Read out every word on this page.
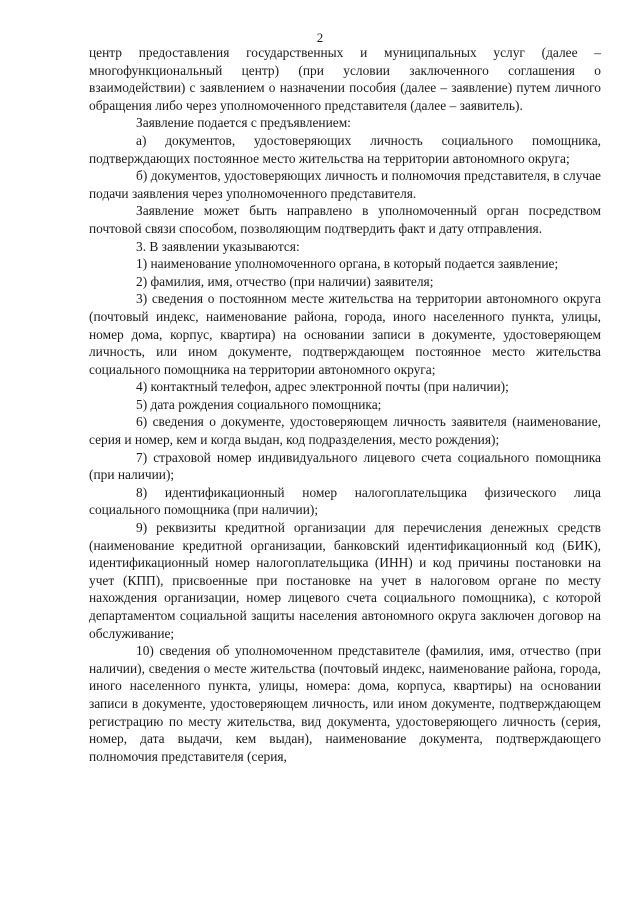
2

центр предоставления государственных и муниципальных услуг (далее – многофункциональный центр) (при условии заключенного соглашения о взаимодействии) с заявлением о назначении пособия (далее – заявление) путем личного обращения либо через уполномоченного представителя (далее – заявитель).

Заявление подается с предъявлением:

а) документов, удостоверяющих личность социального помощника, подтверждающих постоянное место жительства на территории автономного округа;

б) документов, удостоверяющих личность и полномочия представителя, в случае подачи заявления через уполномоченного представителя.

Заявление может быть направлено в уполномоченный орган посредством почтовой связи способом, позволяющим подтвердить факт и дату отправления.

3. В заявлении указываются:

1) наименование уполномоченного органа, в который подается заявление;

2) фамилия, имя, отчество (при наличии) заявителя;

3) сведения о постоянном месте жительства на территории автономного округа (почтовый индекс, наименование района, города, иного населенного пункта, улицы, номер дома, корпус, квартира) на основании записи в документе, удостоверяющем личность, или ином документе, подтверждающем постоянное место жительства социального помощника на территории автономного округа;

4) контактный телефон, адрес электронной почты (при наличии);

5) дата рождения социального помощника;

6) сведения о документе, удостоверяющем личность заявителя (наименование, серия и номер, кем и когда выдан, код подразделения, место рождения);

7) страховой номер индивидуального лицевого счета социального помощника (при наличии);

8) идентификационный номер налогоплательщика физического лица социального помощника (при наличии);

9) реквизиты кредитной организации для перечисления денежных средств (наименование кредитной организации, банковский идентификационный код (БИК), идентификационный номер налогоплательщика (ИНН) и код причины постановки на учет (КПП), присвоенные при постановке на учет в налоговом органе по месту нахождения организации, номер лицевого счета социального помощника), с которой департаментом социальной защиты населения автономного округа заключен договор на обслуживание;

10) сведения об уполномоченном представителе (фамилия, имя, отчество (при наличии), сведения о месте жительства (почтовый индекс, наименование района, города, иного населенного пункта, улицы, номера: дома, корпуса, квартиры) на основании записи в документе, удостоверяющем личность, или ином документе, подтверждающем регистрацию по месту жительства, вид документа, удостоверяющего личность (серия, номер, дата выдачи, кем выдан), наименование документа, подтверждающего полномочия представителя (серия,
